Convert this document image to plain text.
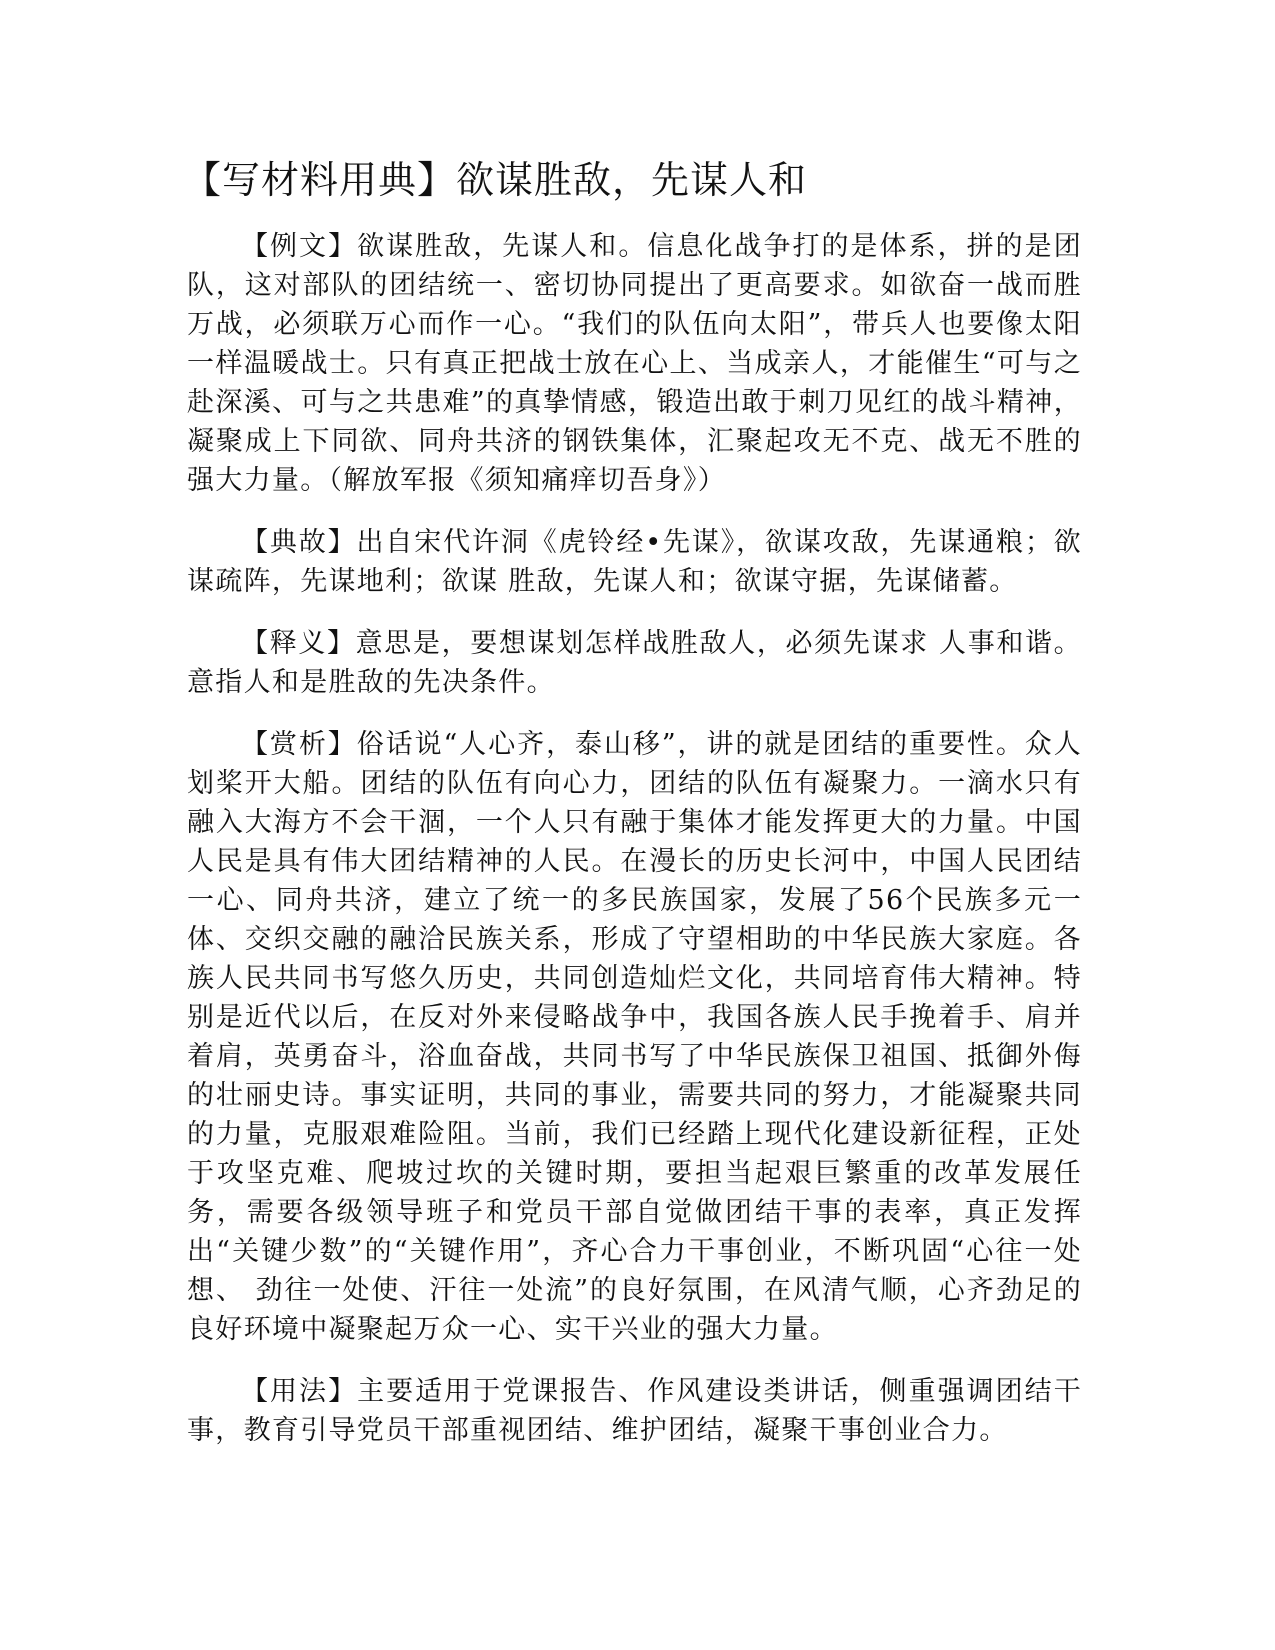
【写材料用典】欲谋胜敌，先谋人和

【例文】欲谋胜敌，先谋人和。信息化战争打的是体系，拼的是团队，这对部队的团结统一、密切协同提出了更高要求。如欲奋一战而胜万战，必须联万心而作一心。“我们的队伍向太阳”，带兵人也要像太阳一样温暖战士。只有真正把战士放在心上、当成亲人，才能催生“可与之赴深溪、可与之共患难”的真挚情感，锻造出敢于刺刀见红的战斗精神，凝聚成上下同欲、同舟共济的钢铁集体，汇聚起攻无不克、战无不胜的强大力量。（解放军报《须知痛痒切吾身》）

【典故】出自宋代许洞《虎铃经•先谋》，欲谋攻敌，先谋通粮；欲谋疏阵，先谋地利；欲谋 胜敌，先谋人和；欲谋守据，先谋储蓄。

【释义】意思是，要想谋划怎样战胜敌人，必须先谋求 人事和谐。意指人和是胜敌的先决条件。

【赏析】俗话说“人心齐，泰山移”，讲的就是团结的重要性。众人划桨开大船。团结的队伍有向心力，团结的队伍有凝聚力。一滴水只有融入大海方不会干涸，一个人只有融于集体才能发挥更大的力量。中国人民是具有伟大团结精神的人民。在漫长的历史长河中，中国人民团结一心、同舟共济，建立了统一的多民族国家，发展了56个民族多元一体、交织交融的融洽民族关系，形成了守望相助的中华民族大家庭。各族人民共同书写悠久历史，共同创造灿烂文化，共同培育伟大精神。特别是近代以后，在反对外来侵略战争中，我国各族人民手挽着手、肩并着肩，英勇奋斗，浴血奋战，共同书写了中华民族保卫祖国、抵御外侮的壮丽史诗。事实证明，共同的事业，需要共同的努力，才能凝聚共同的力量，克服艰难险阻。当前，我们已经踏上现代化建设新征程，正处于攻坚克难、爬坡过坎的关键时期，要担当起艰巨繁重的改革发展任务，需要各级领导班子和党员干部自觉做团结干事的表率，真正发挥出“关键少数”的“关键作用”，齐心合力干事创业，不断巩固“心往一处想、 劲往一处使、汗往一处流”的良好氛围，在风清气顺，心齐劲足的良好环境中凝聚起万众一心、实干兴业的强大力量。

【用法】主要适用于党课报告、作风建设类讲话，侧重强调团结干事，教育引导党员干部重视团结、维护团结，凝聚干事创业合力。
